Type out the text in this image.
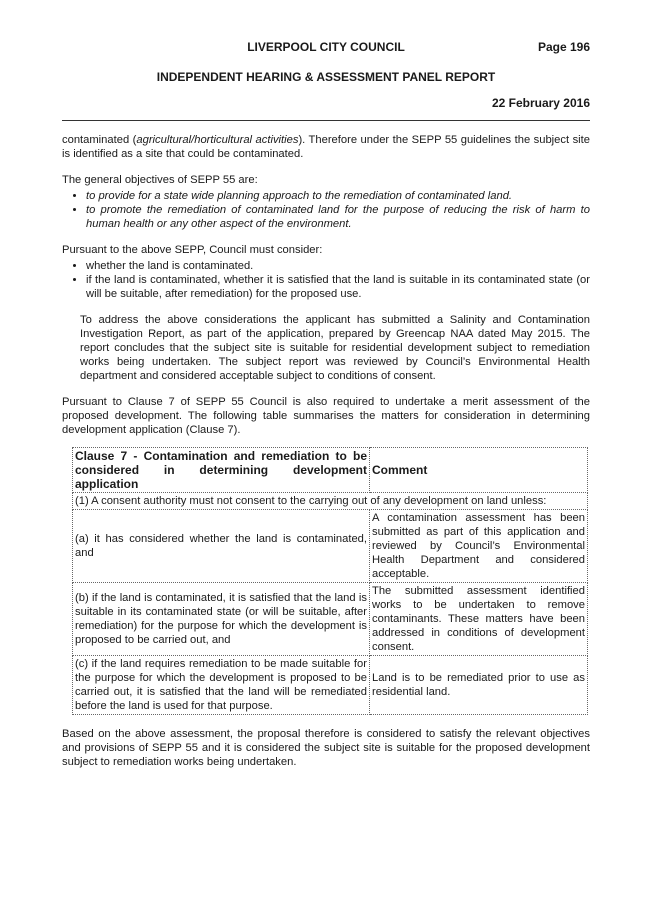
LIVERPOOL CITY COUNCIL	Page 196
INDEPENDENT HEARING & ASSESSMENT PANEL REPORT
22 February 2016

contaminated (agricultural/horticultural activities). Therefore under the SEPP 55 guidelines the subject site is identified as a site that could be contaminated.

The general objectives of SEPP 55 are:

• to provide for a state wide planning approach to the remediation of contaminated land.
• to promote the remediation of contaminated land for the purpose of reducing the risk of harm to human health or any other aspect of the environment.

Pursuant to the above SEPP, Council must consider:

• whether the land is contaminated.
• if the land is contaminated, whether it is satisfied that the land is suitable in its contaminated state (or will be suitable, after remediation) for the proposed use.

To address the above considerations the applicant has submitted a Salinity and Contamination Investigation Report, as part of the application, prepared by Greencap NAA dated May 2015. The report concludes that the subject site is suitable for residential development subject to remediation works being undertaken. The subject report was reviewed by Council’s Environmental Health department and considered acceptable subject to conditions of consent.

Pursuant to Clause 7 of SEPP 55 Council is also required to undertake a merit assessment of the proposed development. The following table summarises the matters for consideration in determining development application (Clause 7).

Clause 7 - Contamination and remediation to be considered in determining development application	Comment
(1) A consent authority must not consent to the carrying out of any development on land unless:	
(a) it has considered whether the land is contaminated, and	A contamination assessment has been submitted as part of this application and reviewed by Council’s Environmental Health Department and considered acceptable.
(b) if the land is contaminated, it is satisfied that the land is suitable in its contaminated state (or will be suitable, after remediation) for the purpose for which the development is proposed to be carried out, and	The submitted assessment identified works to be undertaken to remove contaminants. These matters have been addressed in conditions of development consent.
(c) if the land requires remediation to be made suitable for the purpose for which the development is proposed to be carried out, it is satisfied that the land will be remediated before the land is used for that purpose.	Land is to be remediated prior to use as residential land.

Based on the above assessment, the proposal therefore is considered to satisfy the relevant objectives and provisions of SEPP 55 and it is considered the subject site is suitable for the proposed development subject to remediation works being undertaken.
